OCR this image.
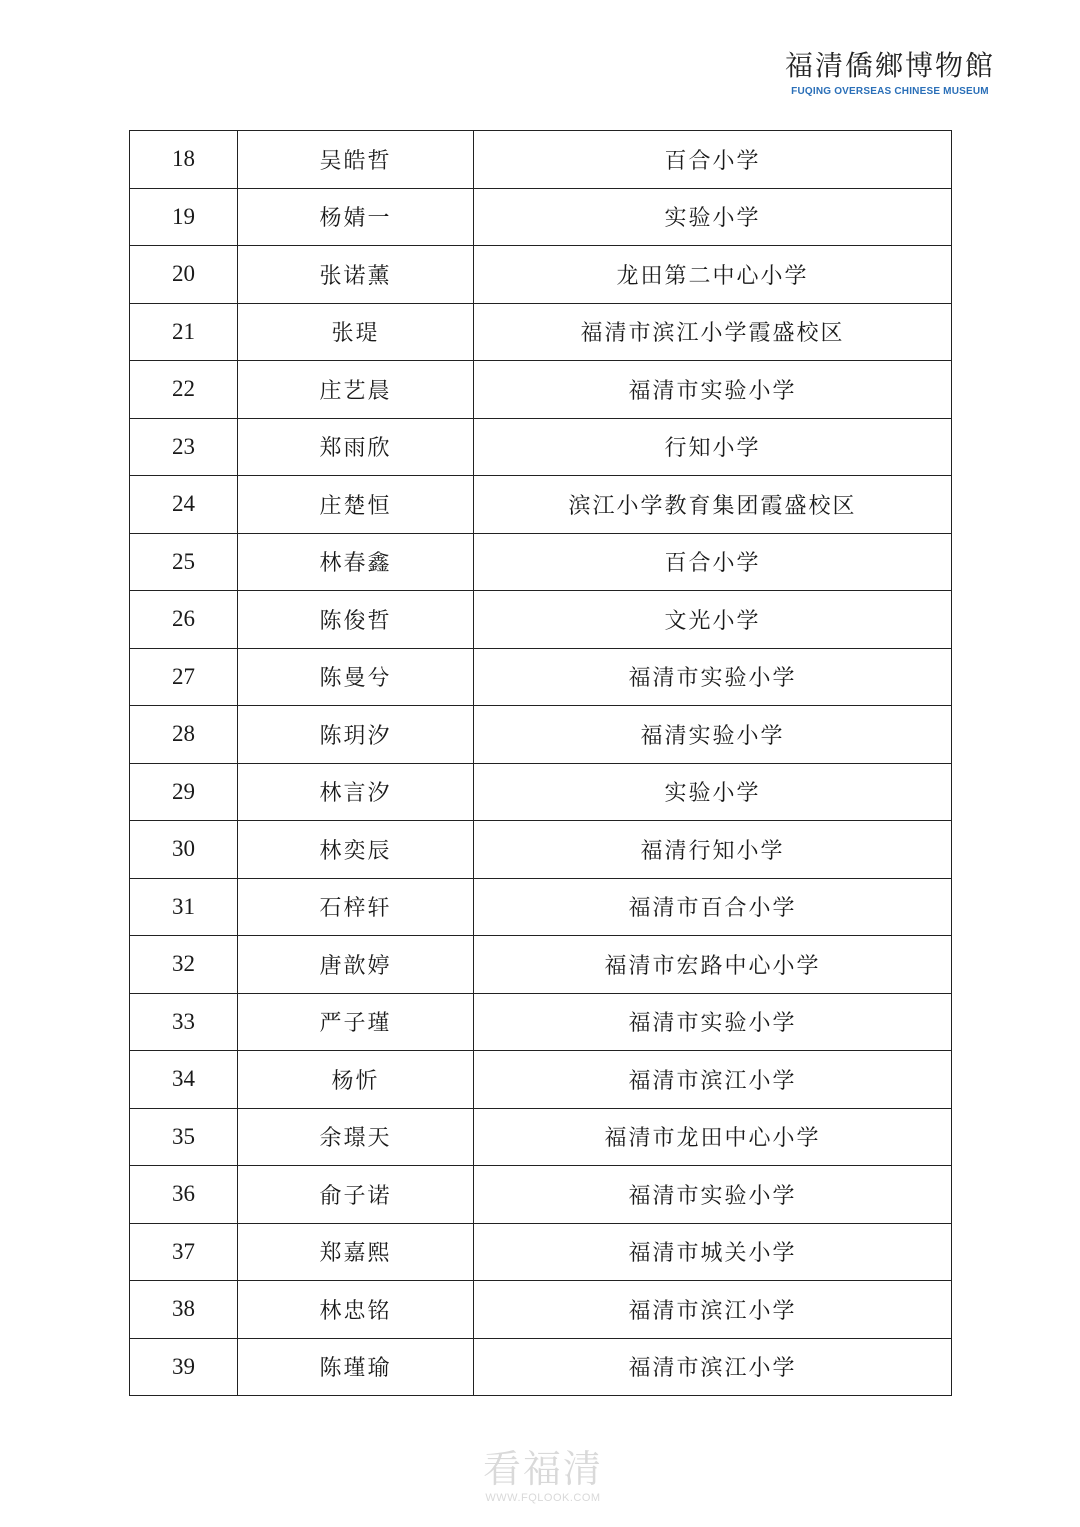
福清僑鄉博物館
FUQING OVERSEAS CHINESE MUSEUM
18	吴皓哲	百合小学
19	杨婧一	实验小学
20	张诺薰	龙田第二中心小学
21	张瑅	福清市滨江小学霞盛校区
22	庄艺晨	福清市实验小学
23	郑雨欣	行知小学
24	庄楚恒	滨江小学教育集团霞盛校区
25	林春鑫	百合小学
26	陈俊哲	文光小学
27	陈曼兮	福清市实验小学
28	陈玥汐	福清实验小学
29	林言汐	实验小学
30	林奕辰	福清行知小学
31	石梓轩	福清市百合小学
32	唐歆婷	福清市宏路中心小学
33	严子瑾	福清市实验小学
34	杨忻	福清市滨江小学
35	余璟天	福清市龙田中心小学
36	俞子诺	福清市实验小学
37	郑嘉熙	福清市城关小学
38	林忠铭	福清市滨江小学
39	陈瑾瑜	福清市滨江小学
看福清
WWW.FQLOOK.COM
